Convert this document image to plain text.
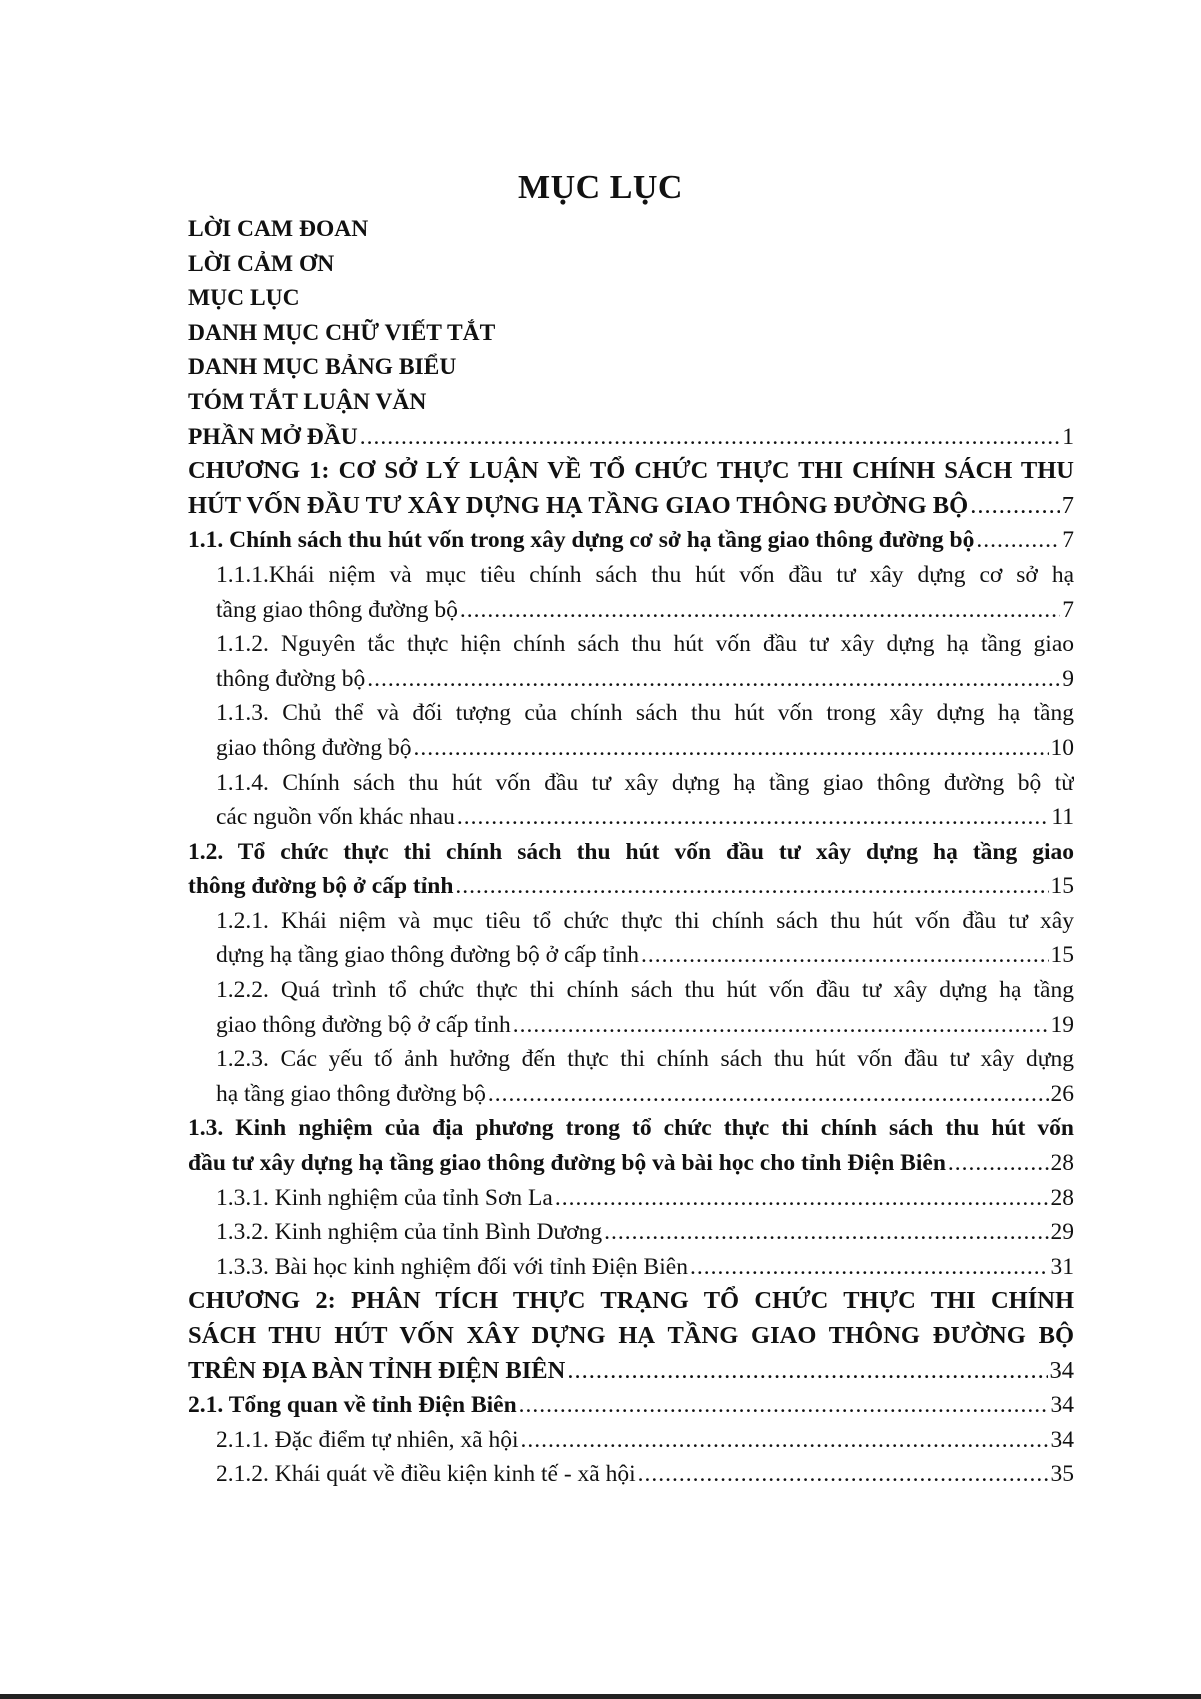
MỤC LỤC
LỜI CAM ĐOAN
LỜI CẢM ƠN
MỤC LỤC
DANH MỤC CHỮ VIẾT TẮT
DANH MỤC BẢNG BIỂU
TÓM TẮT LUẬN VĂN
PHẦN MỞ ĐẦU .....	1
CHƯƠNG 1: CƠ SỞ LÝ LUẬN VỀ TỔ CHỨC THỰC THI CHÍNH SÁCH THU
HÚT VỐN ĐẦU TƯ XÂY DỰNG HẠ TẦNG GIAO THÔNG ĐƯỜNG BỘ .....	7
1.1. Chính sách thu hút vốn trong xây dựng cơ sở hạ tầng giao thông đường bộ .....	7
1.1.1.Khái niệm và mục tiêu chính sách thu hút vốn đầu tư xây dựng cơ sở hạ
tầng giao thông đường bộ .....	7
1.1.2. Nguyên tắc thực hiện chính sách thu hút vốn đầu tư xây dựng hạ tầng giao
thông đường bộ .....	9
1.1.3. Chủ thể và đối tượng của chính sách thu hút vốn trong xây dựng hạ tầng
giao thông đường bộ .....	10
1.1.4. Chính sách thu hút vốn đầu tư xây dựng hạ tầng giao thông đường bộ từ
các nguồn vốn khác nhau .....	11
1.2. Tổ chức thực thi chính sách thu hút vốn đầu tư xây dựng hạ tầng giao
thông đường bộ ở cấp tỉnh .....	15
1.2.1. Khái niệm và mục tiêu tổ chức thực thi chính sách thu hút vốn đầu tư xây
dựng hạ tầng giao thông đường bộ ở cấp tỉnh .....	15
1.2.2. Quá trình tổ chức thực thi chính sách thu hút vốn đầu tư xây dựng hạ tầng
giao thông đường bộ ở cấp tỉnh .....	19
1.2.3. Các yếu tố ảnh hưởng đến thực thi chính sách thu hút vốn đầu tư xây dựng
hạ tầng giao thông đường bộ .....	26
1.3. Kinh nghiệm của địa phương trong tổ chức thực thi chính sách thu hút vốn
đầu tư xây dựng hạ tầng giao thông đường bộ và bài học cho tỉnh Điện Biên .....	28
1.3.1. Kinh nghiệm của tỉnh Sơn La .....	28
1.3.2. Kinh nghiệm của tỉnh Bình Dương .....	29
1.3.3. Bài học kinh nghiệm đối với tỉnh Điện Biên .....	31
CHƯƠNG 2: PHÂN TÍCH THỰC TRẠNG TỔ CHỨC THỰC THI CHÍNH
SÁCH THU HÚT VỐN XÂY DỰNG HẠ TẦNG GIAO THÔNG ĐƯỜNG BỘ
TRÊN ĐỊA BÀN TỈNH ĐIỆN BIÊN .....	34
2.1. Tổng quan về tỉnh Điện Biên .....	34
2.1.1. Đặc điểm tự nhiên, xã hội .....	34
2.1.2. Khái quát về điều kiện kinh tế - xã hội .....	35
